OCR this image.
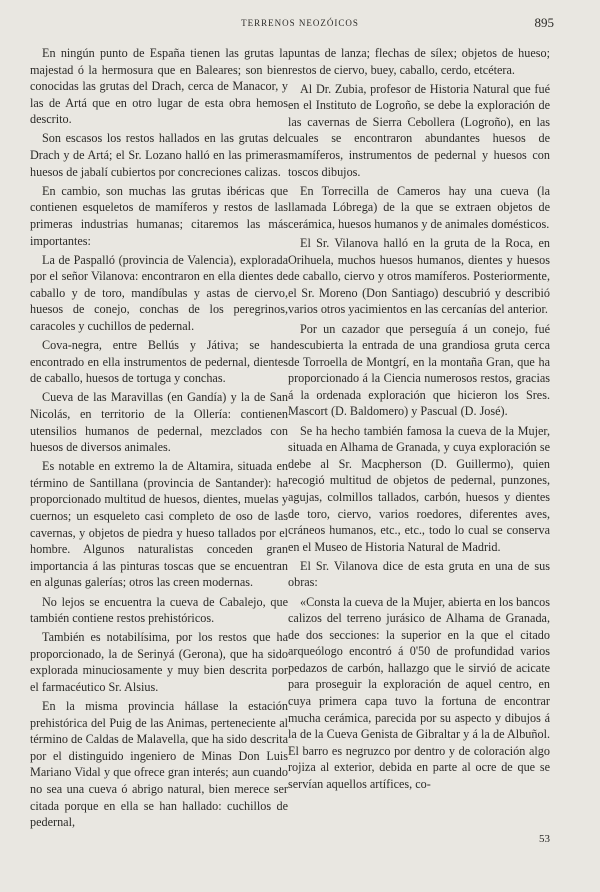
TERRENOS NEOZÓICOS	895

En ningún punto de España tienen las grutas la majestad ó la hermosura que en Baleares; son bien conocidas las grutas del Drach, cerca de Manacor, y las de Artá que en otro lugar de esta obra hemos descrito.

Son escasos los restos hallados en las grutas del Drach y de Artá; el Sr. Lozano halló en las primeras huesos de jabalí cubiertos por concreciones calizas.

En cambio, son muchas las grutas ibéricas que contienen esqueletos de mamíferos y restos de las primeras industrias humanas; citaremos las más importantes:

La de Paspalló (provincia de Valencia), explorada por el señor Vilanova: encontraron en ella dientes de caballo y de toro, mandíbulas y astas de ciervo, huesos de conejo, conchas de los peregrinos, caracoles y cuchillos de pedernal.

Cova-negra, entre Bellús y Játiva; se han encontrado en ella instrumentos de pedernal, dientes de caballo, huesos de tortuga y conchas.

Cueva de las Maravillas (en Gandía) y la de San Nicolás, en territorio de la Ollería: contienen utensilios humanos de pedernal, mezclados con huesos de diversos animales.

Es notable en extremo la de Altamira, situada en término de Santillana (provincia de Santander): ha proporcionado multitud de huesos, dientes, muelas y cuernos; un esqueleto casi completo de oso de las cavernas, y objetos de piedra y hueso tallados por el hombre. Algunos naturalistas conceden gran importancia á las pinturas toscas que se encuentran en algunas galerías; otros las creen modernas.

No lejos se encuentra la cueva de Cabalejo, que también contiene restos prehistóricos.

También es notabilísima, por los restos que ha proporcionado, la de Serinyá (Gerona), que ha sido explorada minuciosamente y muy bien descrita por el farmacéutico Sr. Alsius.

En la misma provincia hállase la estación prehistórica del Puig de las Animas, perteneciente al término de Caldas de Malavella, que ha sido descrita por el distinguido ingeniero de Minas Don Luis Mariano Vidal y que ofrece gran interés; aun cuando no sea una cueva ó abrigo natural, bien merece ser citada porque en ella se han hallado: cuchillos de pedernal,

puntas de lanza; flechas de sílex; objetos de hueso; restos de ciervo, buey, caballo, cerdo, etcétera.

Al Dr. Zubia, profesor de Historia Natural que fué en el Instituto de Logroño, se debe la exploración de las cavernas de Sierra Cebollera (Logroño), en las cuales se encontraron abundantes huesos de mamíferos, instrumentos de pedernal y huesos con toscos dibujos.

En Torrecilla de Cameros hay una cueva (la llamada Lóbrega) de la que se extraen objetos de cerámica, huesos humanos y de animales domésticos.

El Sr. Vilanova halló en la gruta de la Roca, en Orihuela, muchos huesos humanos, dientes y huesos de caballo, ciervo y otros mamíferos. Posteriormente, el Sr. Moreno (Don Santiago) descubrió y describió varios otros yacimientos en las cercanías del anterior.

Por un cazador que perseguía á un conejo, fué descubierta la entrada de una grandiosa gruta cerca de Torroella de Montgrí, en la montaña Gran, que ha proporcionado á la Ciencia numerosos restos, gracias á la ordenada exploración que hicieron los Sres. Mascort (D. Baldomero) y Pascual (D. José).

Se ha hecho también famosa la cueva de la Mujer, situada en Alhama de Granada, y cuya exploración se debe al Sr. Macpherson (D. Guillermo), quien recogió multitud de objetos de pedernal, punzones, agujas, colmillos tallados, carbón, huesos y dientes de toro, ciervo, varios roedores, diferentes aves, cráneos humanos, etc., etc., todo lo cual se conserva en el Museo de Historia Natural de Madrid.

El Sr. Vilanova dice de esta gruta en una de sus obras:

«Consta la cueva de la Mujer, abierta en los bancos calizos del terreno jurásico de Alhama de Granada, de dos secciones: la superior en la que el citado arqueólogo encontró á 0'50 de profundidad varios pedazos de carbón, hallazgo que le sirvió de acicate para proseguir la exploración de aquel centro, en cuya primera capa tuvo la fortuna de encontrar mucha cerámica, parecida por su aspecto y dibujos á la de la Cueva Genista de Gibraltar y á la de Albuñol. El barro es negruzco por dentro y de coloración algo rojiza al exterior, debida en parte al ocre de que se servían aquellos artífices, co-

53
